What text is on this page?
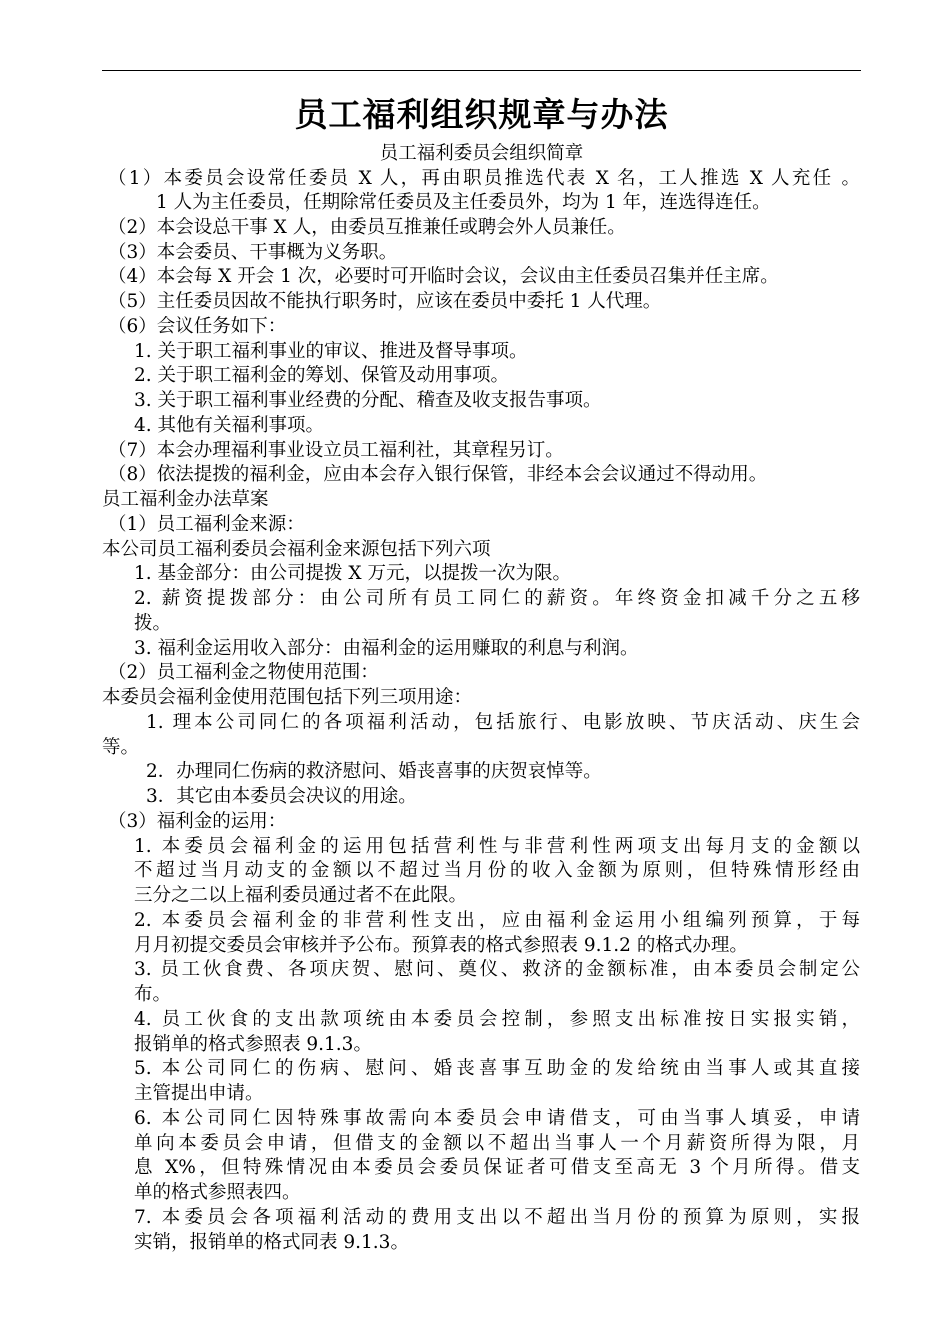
员工福利组织规章与办法
员工福利委员会组织简章
（1）本委员会设常任委员 X 人，再由职员推选代表 X 名，工人推选 X 人充任 。
1 人为主任委员，任期除常任委员及主任委员外，均为 1 年，连选得连任。
（2）本会设总干事 X 人，由委员互推兼任或聘会外人员兼任。
（3）本会委员、干事概为义务职。
（4）本会每 X 开会 1 次，必要时可开临时会议，会议由主任委员召集并任主席。
（5）主任委员因故不能执行职务时，应该在委员中委托 1 人代理。
（6）会议任务如下：
1. 关于职工福利事业的审议、推进及督导事项。
2. 关于职工福利金的筹划、保管及动用事项。
3. 关于职工福利事业经费的分配、稽查及收支报告事项。
4. 其他有关福利事项。
（7）本会办理福利事业设立员工福利社，其章程另订。
（8）依法提拨的福利金，应由本会存入银行保管，非经本会会议通过不得动用。
员工福利金办法草案
（1）员工福利金来源：
本公司员工福利委员会福利金来源包括下列六项
1. 基金部分：由公司提拨 X 万元，以提拨一次为限。
2. 薪资提拨部分：由公司所有员工同仁的薪资。年终资金扣减千分之五移
拨。
3. 福利金运用收入部分：由福利金的运用赚取的利息与利润。
（2）员工福利金之物使用范围：
本委员会福利金使用范围包括下列三项用途：
1. 理本公司同仁的各项福利活动，包括旅行、电影放映、节庆活动、庆生会
等。
2．办理同仁伤病的救济慰问、婚丧喜事的庆贺哀悼等。
3．其它由本委员会决议的用途。
（3）福利金的运用：
1. 本委员会福利金的运用包括营利性与非营利性两项支出每月支的金额以
不超过当月动支的金额以不超过当月份的收入金额为原则，但特殊情形经由
三分之二以上福利委员通过者不在此限。
2. 本委员会福利金的非营利性支出，应由福利金运用小组编列预算，于每
月月初提交委员会审核并予公布。预算表的格式参照表 9.1.2 的格式办理。
3. 员工伙食费、各项庆贺、慰问、奠仪、救济的金额标准，由本委员会制定公
布。
4. 员工伙食的支出款项统由本委员会控制，参照支出标准按日实报实销，
报销单的格式参照表 9.1.3。
5. 本公司同仁的伤病、慰问、婚丧喜事互助金的发给统由当事人或其直接
主管提出申请。
6. 本公司同仁因特殊事故需向本委员会申请借支，可由当事人填妥，申请
单向本委员会申请，但借支的金额以不超出当事人一个月薪资所得为限，月
息 X%，但特殊情况由本委员会委员保证者可借支至高无 3 个月所得。借支
单的格式参照表四。
7. 本委员会各项福利活动的费用支出以不超出当月份的预算为原则，实报
实销，报销单的格式同表 9.1.3。
